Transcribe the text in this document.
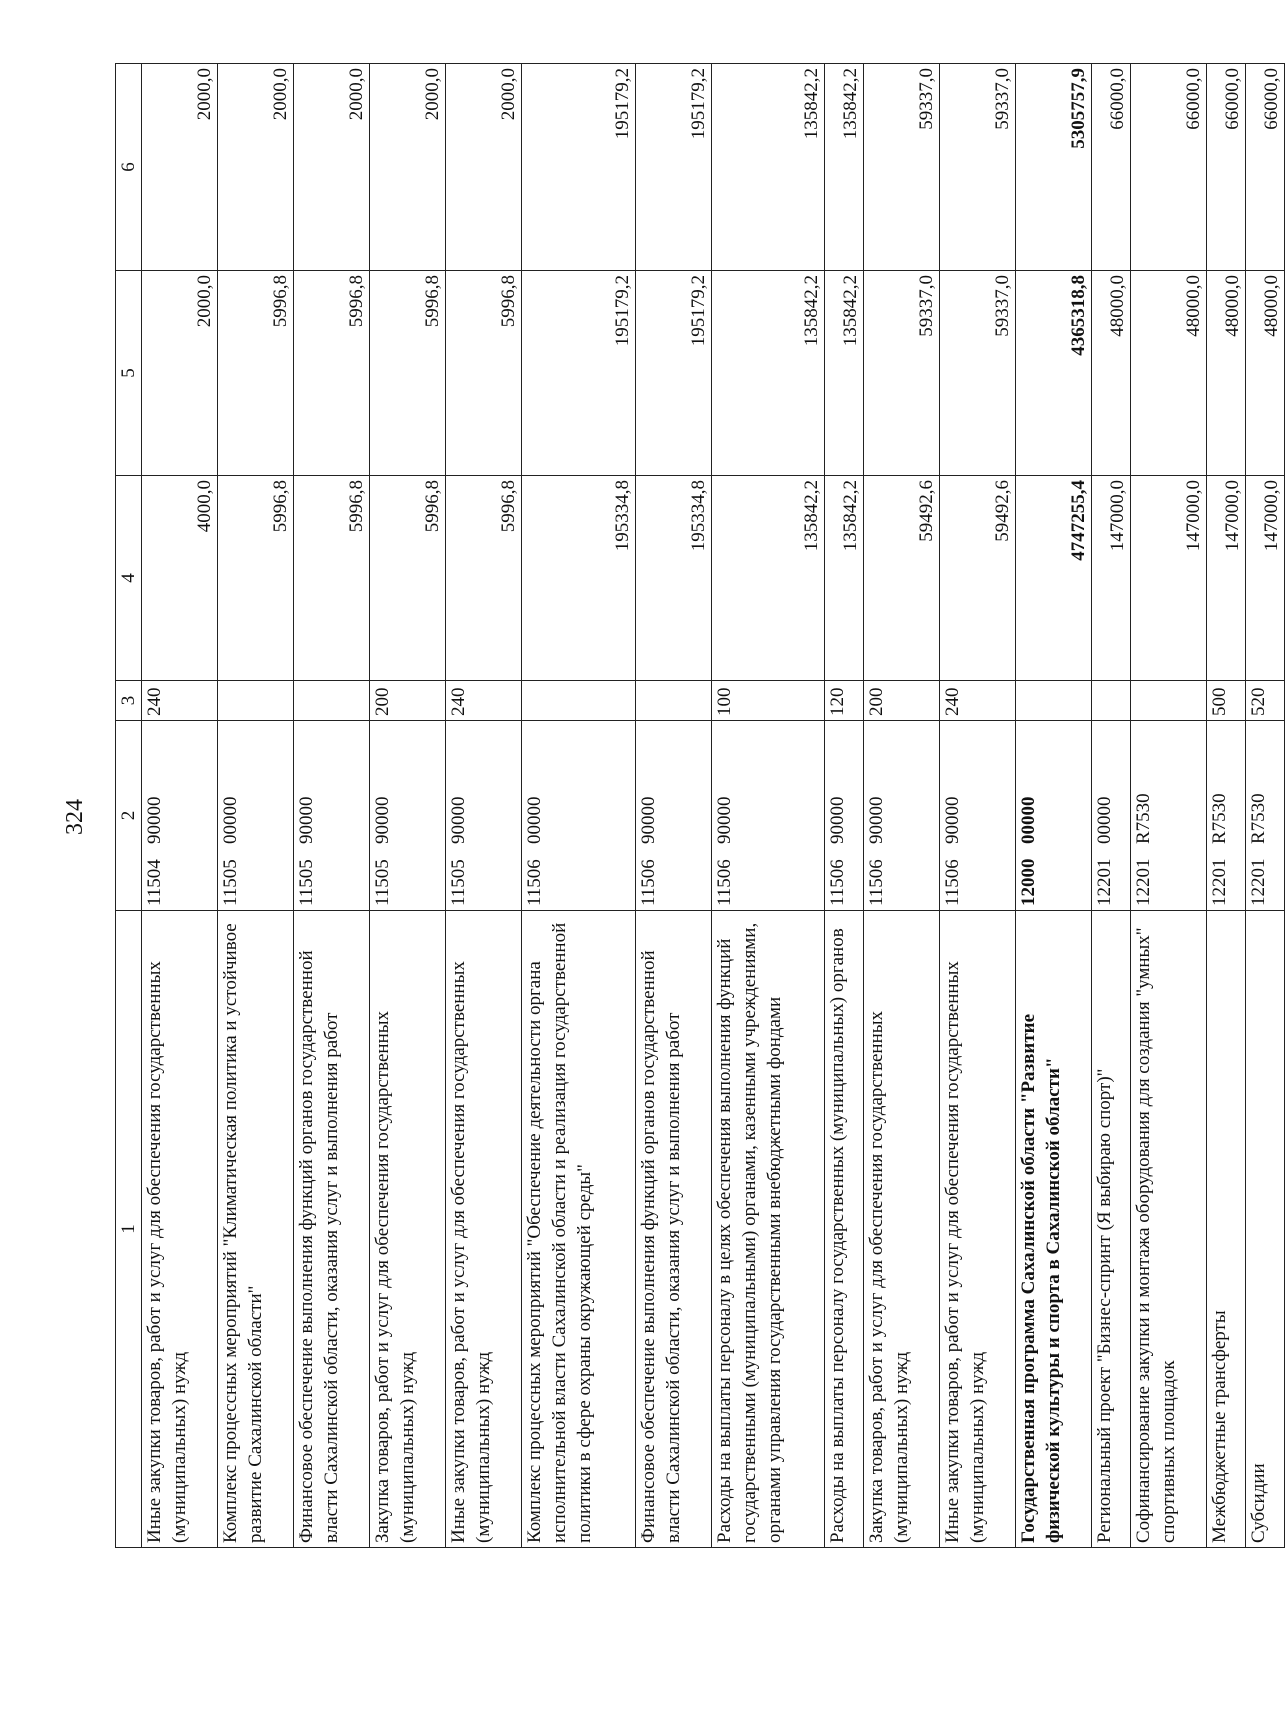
324
1	2	3	4	5	6
Иные закупки товаров, работ и услуг для обеспечения государственных (муниципальных) нужд	1150490000	240	4000,0	2000,0	2000,0
Комплекс процессных мероприятий "Климатическая политика и устойчивое развитие Сахалинской области"	1150500000		5996,8	5996,8	2000,0
Финансовое обеспечение выполнения функций органов государственной власти Сахалинской области, оказания услуг и выполнения работ	1150590000		5996,8	5996,8	2000,0
Закупка товаров, работ и услуг для обеспечения государственных (муниципальных) нужд	1150590000	200	5996,8	5996,8	2000,0
Иные закупки товаров, работ и услуг для обеспечения государственных (муниципальных) нужд	1150590000	240	5996,8	5996,8	2000,0
Комплекс процессных мероприятий "Обеспечение деятельности органа исполнительной власти Сахалинской области и реализация государственной политики в сфере охраны окружающей среды"	1150600000		195334,8	195179,2	195179,2
Финансовое обеспечение выполнения функций органов государственной власти Сахалинской области, оказания услуг и выполнения работ	1150690000		195334,8	195179,2	195179,2
Расходы на выплаты персоналу в целях обеспечения выполнения функций государственными (муниципальными) органами, казенными учреждениями, органами управления государственными внебюджетными фондами	1150690000	100	135842,2	135842,2	135842,2
Расходы на выплаты персоналу государственных (муниципальных) органов	1150690000	120	135842,2	135842,2	135842,2
Закупка товаров, работ и услуг для обеспечения государственных (муниципальных) нужд	1150690000	200	59492,6	59337,0	59337,0
Иные закупки товаров, работ и услуг для обеспечения государственных (муниципальных) нужд	1150690000	240	59492,6	59337,0	59337,0
Государственная программа Сахалинской области "Развитие физической культуры и спорта в Сахалинской области"	1200000000		4747255,4	4365318,8	5305757,9
Региональный проект "Бизнес-спринт (Я выбираю спорт)"	1220100000		147000,0	48000,0	66000,0
Софинансирование закупки и монтажа оборудования для создания "умных" спортивных площадок	12201R7530		147000,0	48000,0	66000,0
Межбюджетные трансферты	12201R7530	500	147000,0	48000,0	66000,0
Субсидии	12201R7530	520	147000,0	48000,0	66000,0
